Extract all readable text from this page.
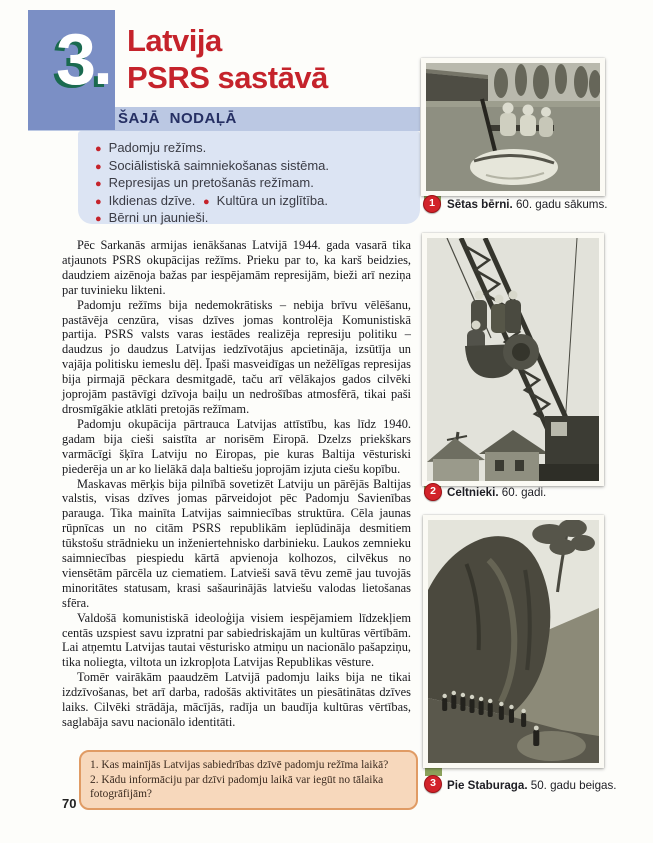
3. Latvija
PSRS sastāvā
ŠAJĀ NODAĻĀ
● Padomju režīms.
● Sociālistiskā saimniekošanas sistēma.
● Represijas un pretošanās režīmam.
● Ikdienas dzīve. ● Kultūra un izglītība.
● Bērni un jaunieši.

Pēc Sarkanās armijas ienākšanas Latvijā 1944. gada vasarā tika atjaunots PSRS okupācijas režīms. Prieku par to, ka karš beidzies, daudziem aizēnoja bažas par iespējamām represijām, bieži arī neziņa par tuvinieku likteni.

Padomju režīms bija nedemokrātisks – nebija brīvu vēlēšanu, pastāvēja cenzūra, visas dzīves jomas kontrolēja Komunistiskā partija. PSRS valsts varas iestādes realizēja represiju politiku – daudzus jo daudzus Latvijas iedzīvotājus apcietināja, izsūtīja un vajāja politisku iemeslu dēļ. Īpaši masveidīgas un nežēlīgas represijas bija pirmajā pēckara desmitgadē, taču arī vēlākajos gados cilvēki joprojām pastāvīgi dzīvoja baiļu un nedrošības atmosfērā, tikai paši drosmīgākie atklāti pretojās režīmam.

Padomju okupācija pārtrauca Latvijas attīstību, kas līdz 1940. gadam bija cieši saistīta ar norisēm Eiropā. Dzelzs priekškars varmācīgi šķīra Latviju no Eiropas, pie kuras Baltija vēsturiski piederēja un ar ko lielākā daļa baltiešu joprojām izjuta ciešu kopību.

Maskavas mērķis bija pilnībā sovetizēt Latviju un pārējās Baltijas valstis, visas dzīves jomas pārveidojot pēc Padomju Savienības parauga. Tika mainīta Latvijas saimniecības struktūra. Cēla jaunas rūpnīcas un no citām PSRS republikām ieplūdināja desmitiem tūkstošu strādnieku un inženiertehnisko darbinieku. Laukos zemnieku saimniecības piespiedu kārtā apvienoja kolhozos, cilvēkus no viensētām pārcēla uz ciematiem. Latvieši savā tēvu zemē jau tuvojās minoritātes statusam, krasi sašaurinājās latviešu valodas lietošanas sfēra.

Valdošā komunistiskā ideoloģija visiem iespējamiem līdzekļiem centās uzspiest savu izpratni par sabiedriskajām un kultūras vērtībām. Lai atņemtu Latvijas tautai vēsturisko atmiņu un nacionālo pašapziņu, tika noliegta, viltota un izkropļota Latvijas Republikas vēsture.

Tomēr vairākām paaudzēm Latvijā padomju laiks bija ne tikai izdzīvošanas, bet arī darba, radošās aktivitātes un piesātinātas dzīves laiks. Cilvēki strādāja, mācījās, radīja un baudīja kultūras vērtības, saglabāja savu nacionālo identitāti.

1. Kas mainījās Latvijas sabiedrības dzīvē padomju režīma laikā?
2. Kādu informāciju par dzīvi padomju laikā var iegūt no tālaika fotogrāfijām?
70
1	Sētas bērni. 60. gadu sākums.
2 Celtnieki. 60. gadi.
3 Pie Staburaga. 50. gadu beigas.
